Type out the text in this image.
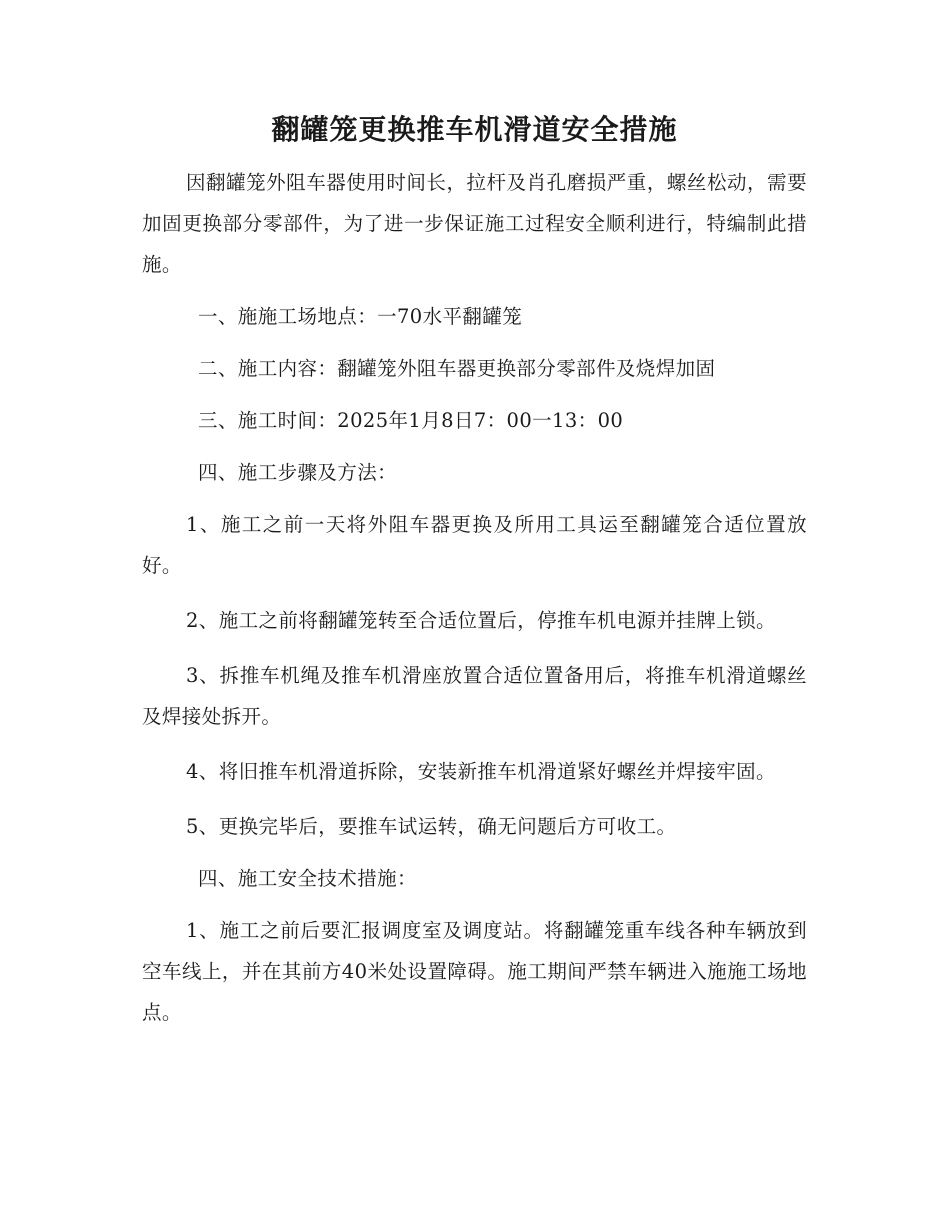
翻罐笼更换推车机滑道安全措施

因翻罐笼外阻车器使用时间长，拉杆及肖孔磨损严重，螺丝松动，需要加固更换部分零部件，为了进一步保证施工过程安全顺利进行，特编制此措施。

一、施施工场地点：一70水平翻罐笼

二、施工内容：翻罐笼外阻车器更换部分零部件及烧焊加固

三、施工时间：2025年1月8日7：00一13：00

四、施工步骤及方法：

1、施工之前一天将外阻车器更换及所用工具运至翻罐笼合适位置放好。

2、施工之前将翻罐笼转至合适位置后，停推车机电源并挂牌上锁。

3、拆推车机绳及推车机滑座放置合适位置备用后，将推车机滑道螺丝及焊接处拆开。

4、将旧推车机滑道拆除，安装新推车机滑道紧好螺丝并焊接牢固。

5、更换完毕后，要推车试运转，确无问题后方可收工。

四、施工安全技术措施：

1、施工之前后要汇报调度室及调度站。将翻罐笼重车线各种车辆放到空车线上，并在其前方40米处设置障碍。施工期间严禁车辆进入施施工场地点。
